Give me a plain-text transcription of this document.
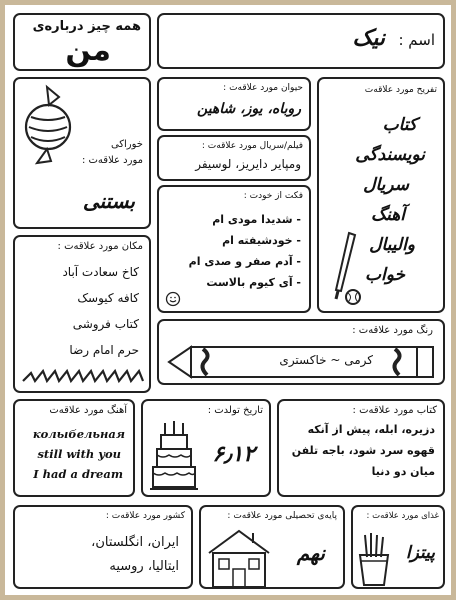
همه چیز درباره‌ی
من	اسم :
نیک
تفریح مورد علاقه‌ت
کتاب
نویسندگی
سریال
آهنگ
والیبال
خواب
حیوان مورد علاقه‌ت :
روباه، یوز، شاهین
فیلم/سریال مورد علاقه‌ت :
ومپایر دایریز، لوسیفر
فکت از خودت :
- شدیدا مودی ام
- خودشیفته ام
- آدم صفر و صدی ام
- آی کیوم بالاست
خوراکی
مورد علاقه‌ت :
بستنی
مکان مورد علاقه‌ت :
کاخ سعادت آباد
کافه کیوسک
کتاب فروشی
حرم امام رضا
رنگ مورد علاقه‌ت :
کرمی ~ خاکستری
آهنگ مورد علاقه‌ت
колыбельная
still with you
I had a dream
تاریخ تولدت :
۶٫۱۲
کتاب مورد علاقه‌ت :
دزیره، ابله، پیش از آنکه
قهوه سرد شود، باجه تلفن
میان دو دنیا
کشور مورد علاقه‌ت :
ایران، انگلستان،
ایتالیا، روسیه
پایه‌ی تحصیلی مورد علاقه‌ت :
نهم
غذای مورد علاقه‌ت :
پیتزا
